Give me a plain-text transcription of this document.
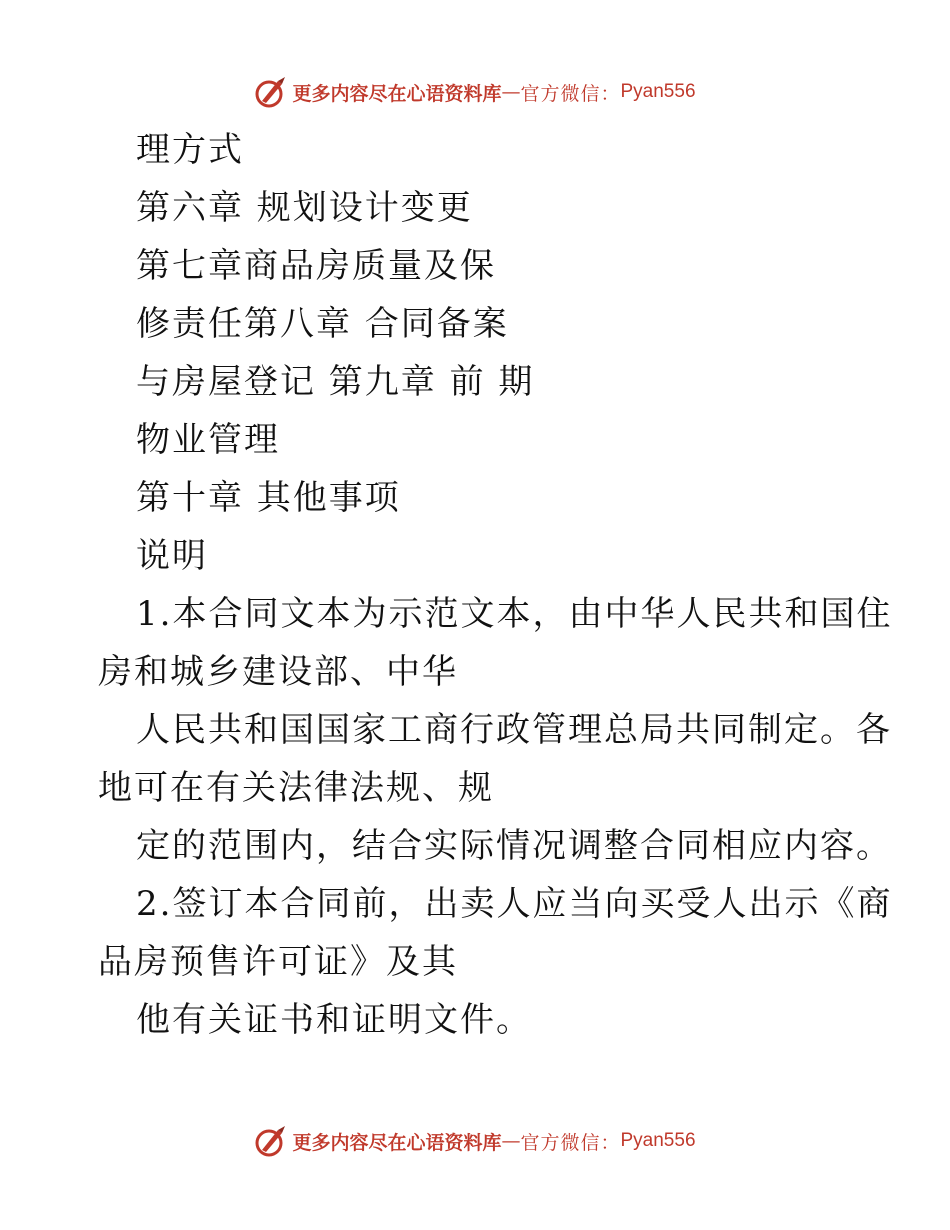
更多内容尽在心语资料库 — 官方微信： Pyan556
理方式
第六章 规划设计变更
第七章商品房质量及保
修责任第八章 合同备案
与房屋登记 第九章 前 期
物业管理
第十章 其他事项
说明
1.本合同文本为示范文本，由中华人民共和国住
房和城乡建设部、中华
人民共和国国家工商行政管理总局共同制定。各
地可在有关法律法规、规
定的范围内，结合实际情况调整合同相应内容。
2.签订本合同前，出卖人应当向买受人出示《商
品房预售许可证》及其
他有关证书和证明文件。
更多内容尽在心语资料库 — 官方微信： Pyan556
